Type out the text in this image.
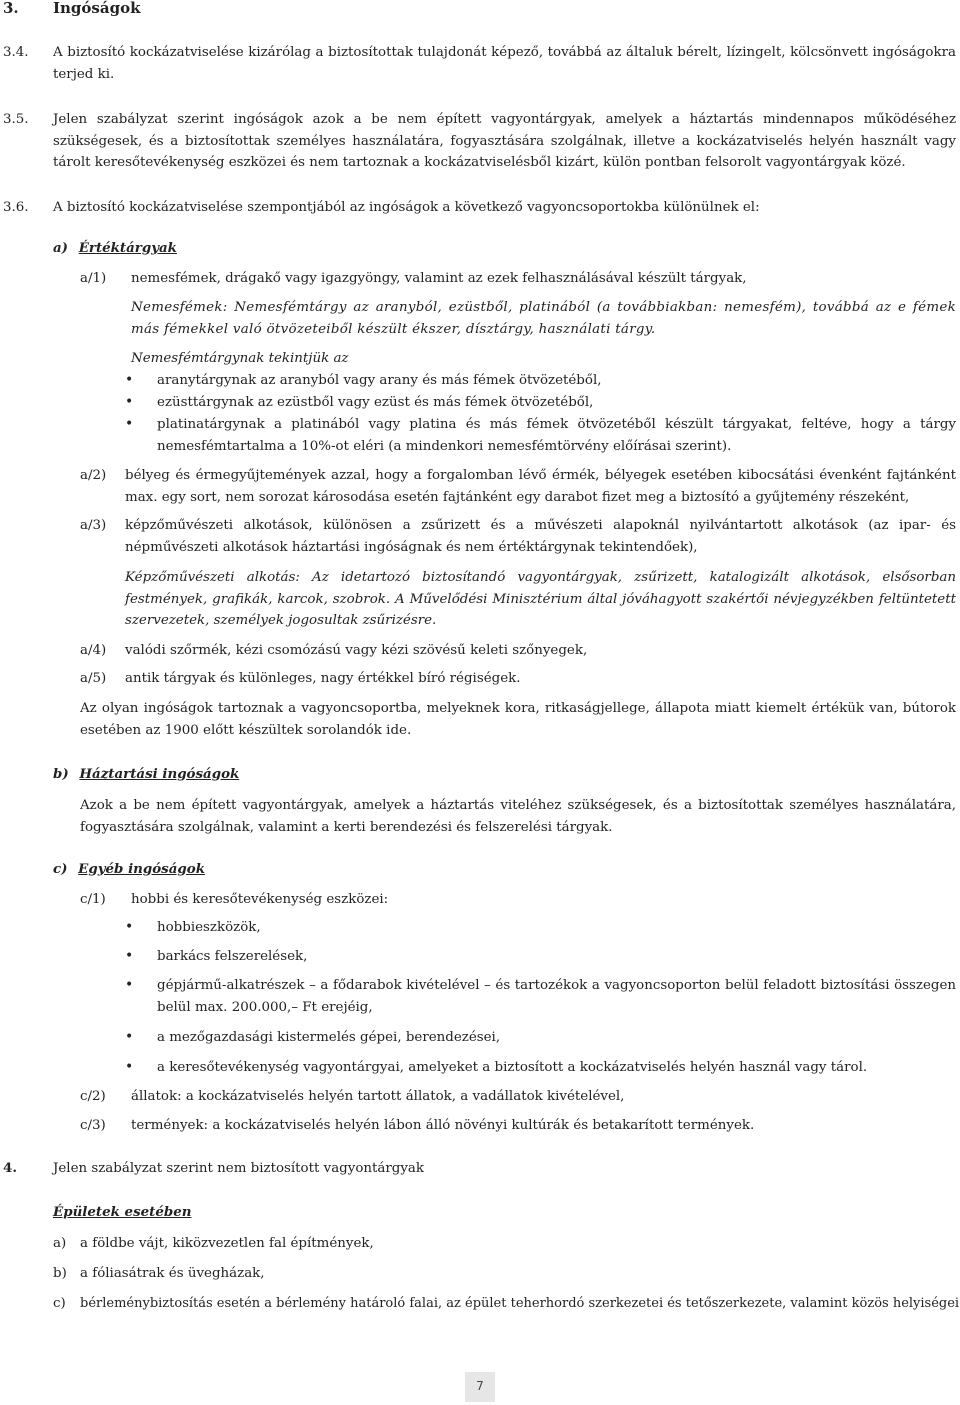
3. Ingóságok
3.4. A biztosító kockázatviselése kizárólag a biztosítottak tulajdonát képező, továbbá az általuk bérelt, lízingelt, kölcsönvett ingóságokra terjed ki.
3.5. Jelen szabályzat szerint ingóságok azok a be nem épített vagyontárgyak, amelyek a háztartás mindennapos működéséhez szükségesek, és a biztosítottak személyes használatára, fogyasztására szolgálnak, illetve a kockázatviselés helyén használt vagy tárolt keresőtevékenység eszközei és nem tartoznak a kockázatviselésből kizárt, külön pontban felsorolt vagyontárgyak közé.
3.6. A biztosító kockázatviselése szempontjából az ingóságok a következő vagyoncsoportokba különülnek el:
a) Értéktárgyak
a/1) nemesfémek, drágakő vagy igazgyöngy, valamint az ezek felhasználásával készült tárgyak,
Nemesfémek: Nemesfémtárgy az aranyból, ezüstből, platinából (a továbbiakban: nemesfém), továbbá az e fémek más fémekkel való ötvözeteiből készült ékszer, dísztárgy, használati tárgy.
Nemesfémtárgynak tekintjük az
• aranytárgynak az aranyból vagy arany és más fémek ötvözetéből,
• ezüsttárgynak az ezüstből vagy ezüst és más fémek ötvözetéből,
• platinatárgynak a platinából vagy platina és más fémek ötvözetéből készült tárgyakat, feltéve, hogy a tárgy nemesfémtartalma a 10%-ot eléri (a mindenkori nemesfémtörvény előírásai szerint).
a/2) bélyeg és érmegyűjtemények azzal, hogy a forgalomban lévő érmék, bélyegek esetében kibocsátási évenként fajtánként max. egy sort, nem sorozat károsodása esetén fajtánként egy darabot fizet meg a biztosító a gyűjtemény részeként,
a/3) képzőművészeti alkotások, különösen a zsűrizett és a művészeti alapoknál nyilvántartott alkotások (az ipar- és népművészeti alkotások háztartási ingóságnak és nem értéktárgynak tekintendőek),
Képzőművészeti alkotás: Az idetartozó biztosítandó vagyontárgyak, zsűrizett, katalogizált alkotások, elsősorban festmények, grafikák, karcok, szobrok. A Művelődési Minisztérium által jóváhagyott szakértői névjegyzékben feltüntetett szervezetek, személyek jogosultak zsűrizésre.
a/4) valódi szőrmék, kézi csomózású vagy kézi szövésű keleti szőnyegek,
a/5) antik tárgyak és különleges, nagy értékkel bíró régiségek.
Az olyan ingóságok tartoznak a vagyoncsoportba, melyeknek kora, ritkaságjellege, állapota miatt kiemelt értékük van, bútorok esetében az 1900 előtt készültek sorolandók ide.
b) Háztartási ingóságok
Azok a be nem épített vagyontárgyak, amelyek a háztartás viteléhez szükségesek, és a biztosítottak személyes használatára, fogyasztására szolgálnak, valamint a kerti berendezési és felszerelési tárgyak.
c) Egyéb ingóságok
c/1) hobbi és keresőtevékenység eszközei:
• hobbieszközök,
• barkács felszerelések,
• gépjármű-alkatrészek – a fődarabok kivételével – és tartozékok a vagyoncsoporton belül feladott biztosítási összegen belül max. 200.000,– Ft erejéig,
• a mezőgazdasági kistermelés gépei, berendezései,
• a keresőtevékenység vagyontárgyai, amelyeket a biztosított a kockázatviselés helyén használ vagy tárol.
c/2) állatok: a kockázatviselés helyén tartott állatok, a vadállatok kivételével,
c/3) termények: a kockázatviselés helyén lábon álló növényi kultúrák és betakarított termények.
4.	Jelen szabályzat szerint nem biztosított vagyontárgyak
Épületek esetében
a) a földbe vájt, kiközvezetlen fal építmények,
b) a fóliasátrak és üvegházak,
c) bérleménybiztosítás esetén a bérlemény határoló falai, az épület teherhordó szerkezetei és tetőszerkezete, valamint közös helyiségei
7
